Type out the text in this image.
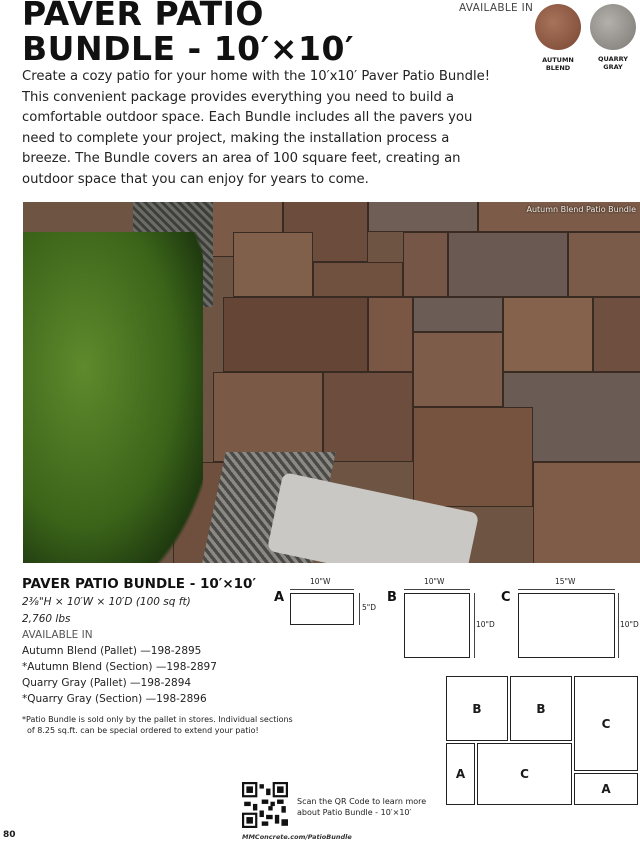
PAVER PATIO
BUNDLE - 10′×10′
Create a cozy patio for your home with the 10′x10′ Paver Patio Bundle!
This convenient package provides everything you need to build a
comfortable outdoor space. Each Bundle includes all the pavers you
need to complete your project, making the installation process a
breeze. The Bundle covers an area of 100 square feet, creating an
outdoor space that you can enjoy for years to come.
AVAILABLE IN
AUTUMN
BLEND
QUARRY
GRAY
Autumn Blend Patio Bundle
PAVER PATIO BUNDLE - 10′×10′
2⅜"H × 10′W × 10′D (100 sq ft)
2,760 lbs
AVAILABLE IN
Autumn Blend (Pallet) —198-2895
*Autumn Blend (Section) —198-2897
Quarry Gray (Pallet) —198-2894
*Quarry Gray (Section) —198-2896
*Patio Bundle is sold only by the pallet in stores. Individual sections
of 8.25 sq.ft. can be special ordered to extend your patio!
A
10"W
5"D
B
10"W
10"D
C
15"W
10"D
B	B
C
A	C
A
Scan the QR Code to learn more
about Patio Bundle - 10′×10′
MMConcrete.com/PatioBundle
80
